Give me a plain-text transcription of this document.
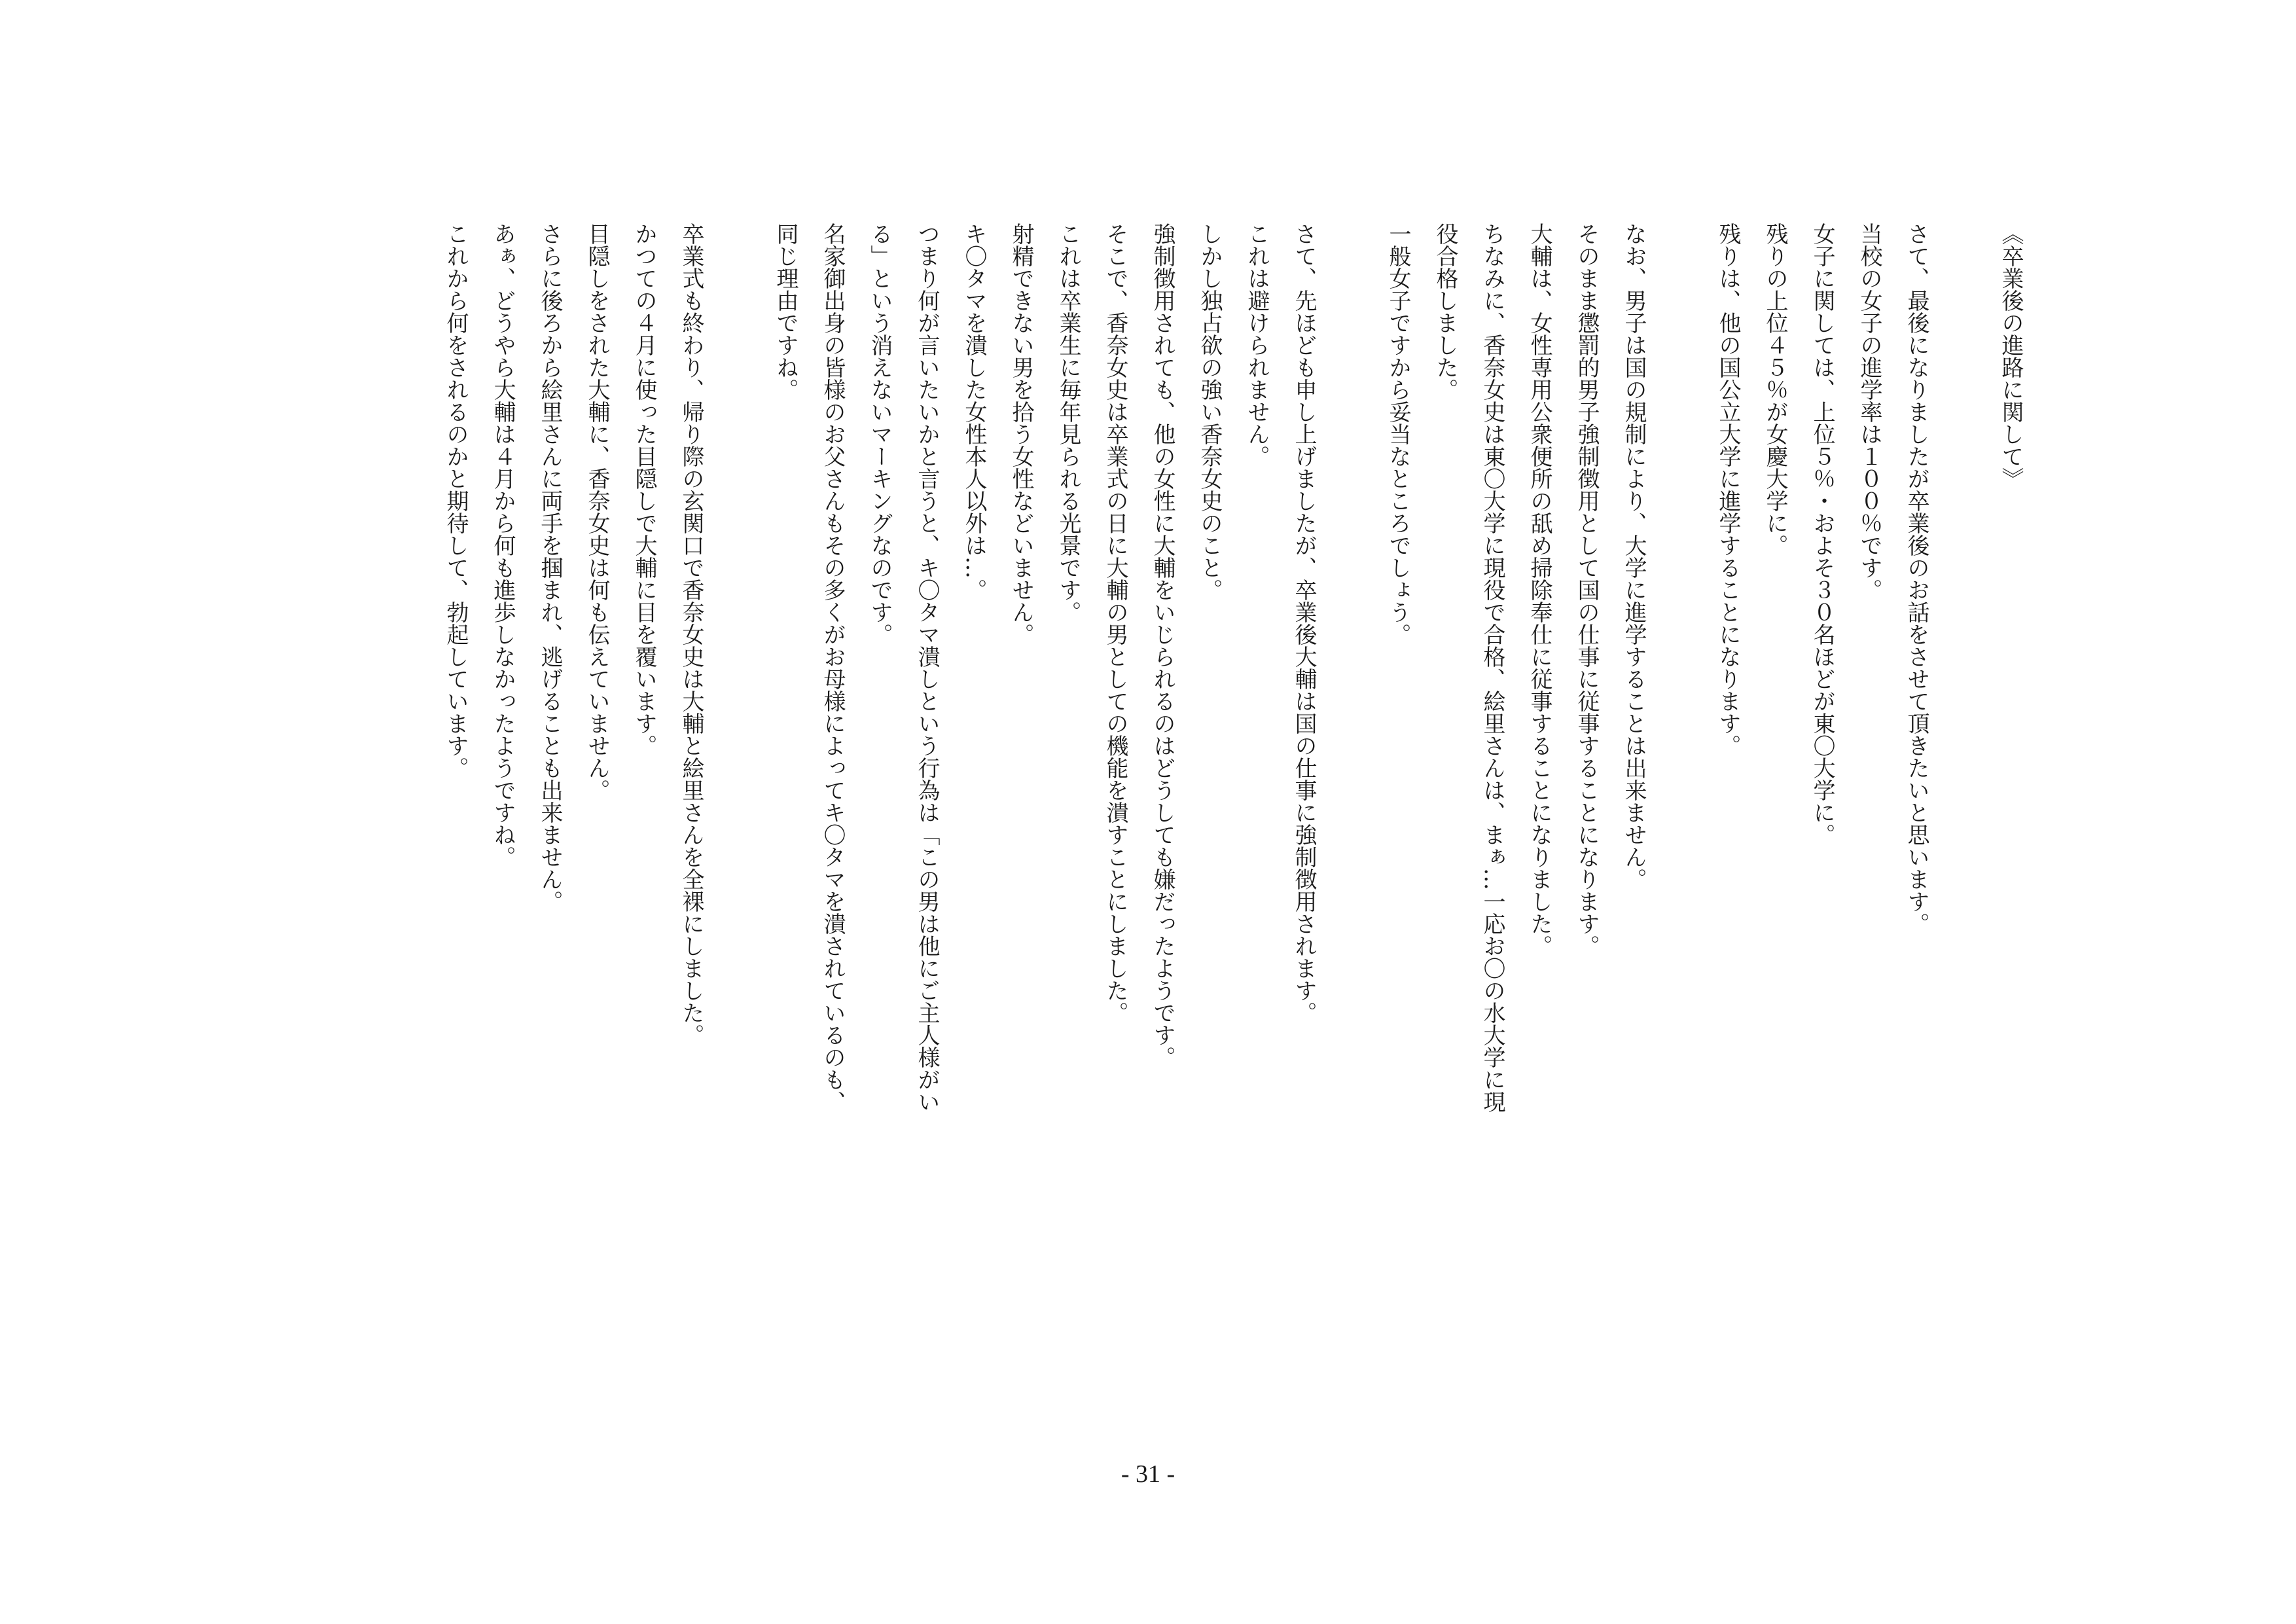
《卒業後の進路に関して》

さて、最後になりましたが卒業後のお話をさせて頂きたいと思います。

当校の女子の進学率は１００％です。

女子に関しては、上位５％・およそ３０名ほどが東〇大学に。

残りの上位４５％が女慶大学に。

残りは、他の国公立大学に進学することになります。

なお、男子は国の規制により、大学に進学することは出来ません。

そのまま懲罰的男子強制徴用として国の仕事に従事することになります。

大輔は、女性専用公衆便所の舐め掃除奉仕に従事することになりました。

ちなみに、香奈女史は東〇大学に現役で合格、絵里さんは、まぁ…一応お〇の水大学に現

役合格しました。

一般女子ですから妥当なところでしょう。

さて、先ほども申し上げましたが、卒業後大輔は国の仕事に強制徴用されます。

これは避けられません。

しかし独占欲の強い香奈女史のこと。

強制徴用されても、他の女性に大輔をいじられるのはどうしても嫌だったようです。

そこで、香奈女史は卒業式の日に大輔の男としての機能を潰すことにしました。

これは卒業生に毎年見られる光景です。

射精できない男を拾う女性などいません。

キ〇タマを潰した女性本人以外は…。

つまり何が言いたいかと言うと、キ〇タマ潰しという行為は「この男は他にご主人様がい

る」という消えないマーキングなのです。

名家御出身の皆様のお父さんもその多くがお母様によってキ〇タマを潰されているのも、

同じ理由ですね。

卒業式も終わり、帰り際の玄関口で香奈女史は大輔と絵里さんを全裸にしました。

かつての４月に使った目隠しで大輔に目を覆います。

目隠しをされた大輔に、香奈女史は何も伝えていません。

さらに後ろから絵里さんに両手を掴まれ、逃げることも出来ません。

あぁ、どうやら大輔は４月から何も進歩しなかったようですね。

これから何をされるのかと期待して、勃起しています。

- 31 -
